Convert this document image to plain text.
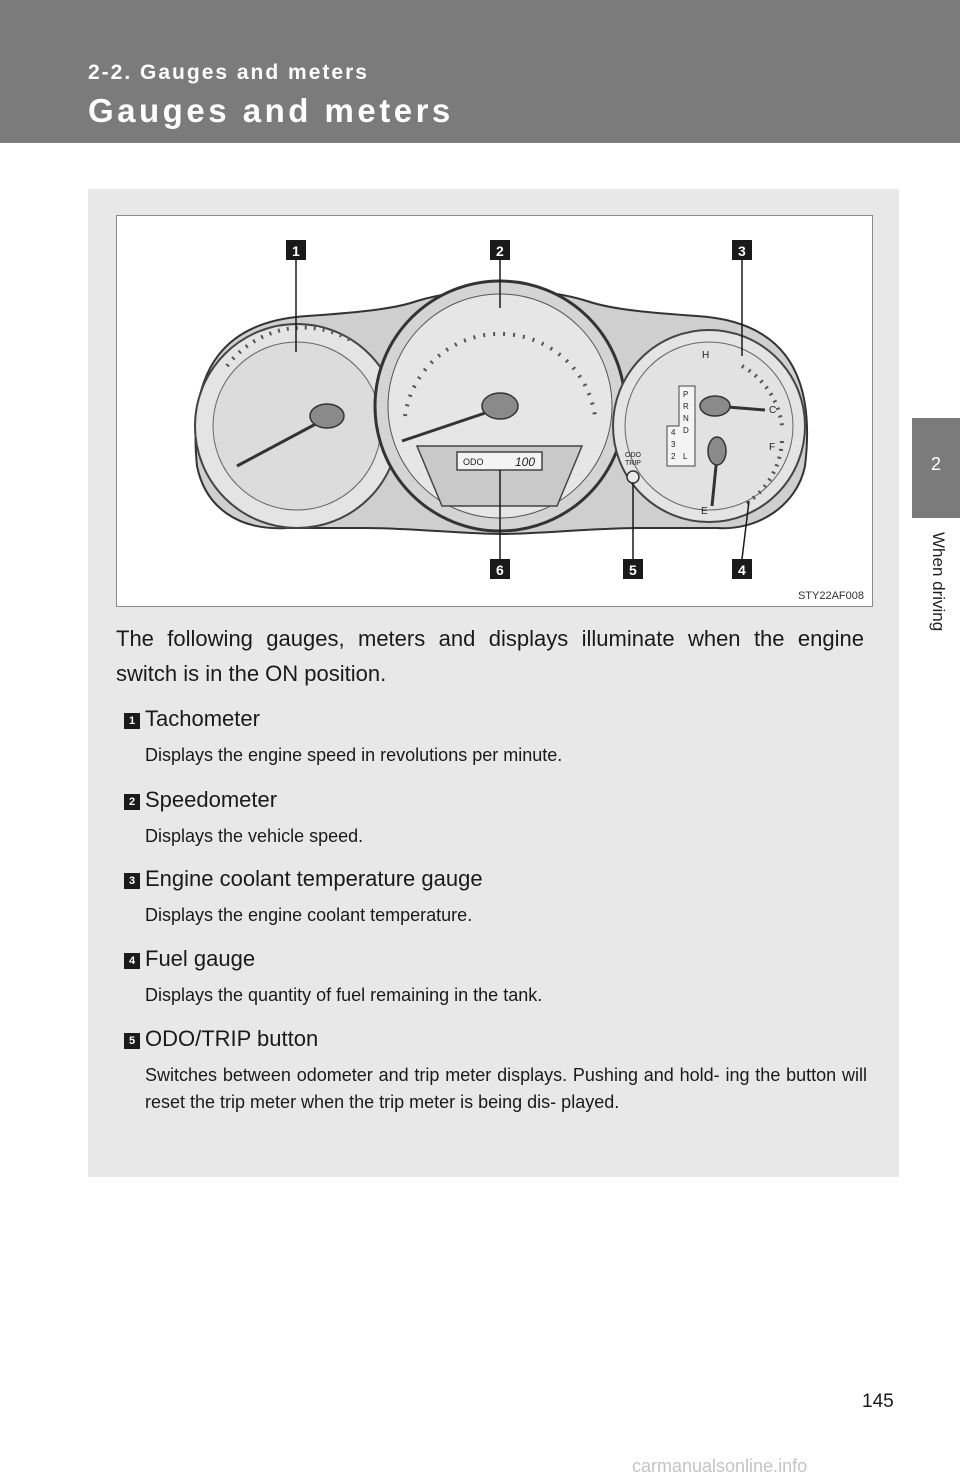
2-2. Gauges and meters
Gauges and meters
2
When driving
ODO	100
H
C
F
E
P
R
N
D
4
3
2 L
ODO
TRIP
1	2	3
4
5
6
STY22AF008
The following gauges, meters and displays illuminate when the engine switch is in the ON position.
1 Tachometer
Displays the engine speed in revolutions per minute.
2 Speedometer
Displays the vehicle speed.
3 Engine coolant temperature gauge
Displays the engine coolant temperature.
4 Fuel gauge
Displays the quantity of fuel remaining in the tank.
5 ODO/TRIP button
Switches between odometer and trip meter displays. Pushing and hold- ing the button will reset the trip meter when the trip meter is being dis- played.
145
carmanualsonline.info
